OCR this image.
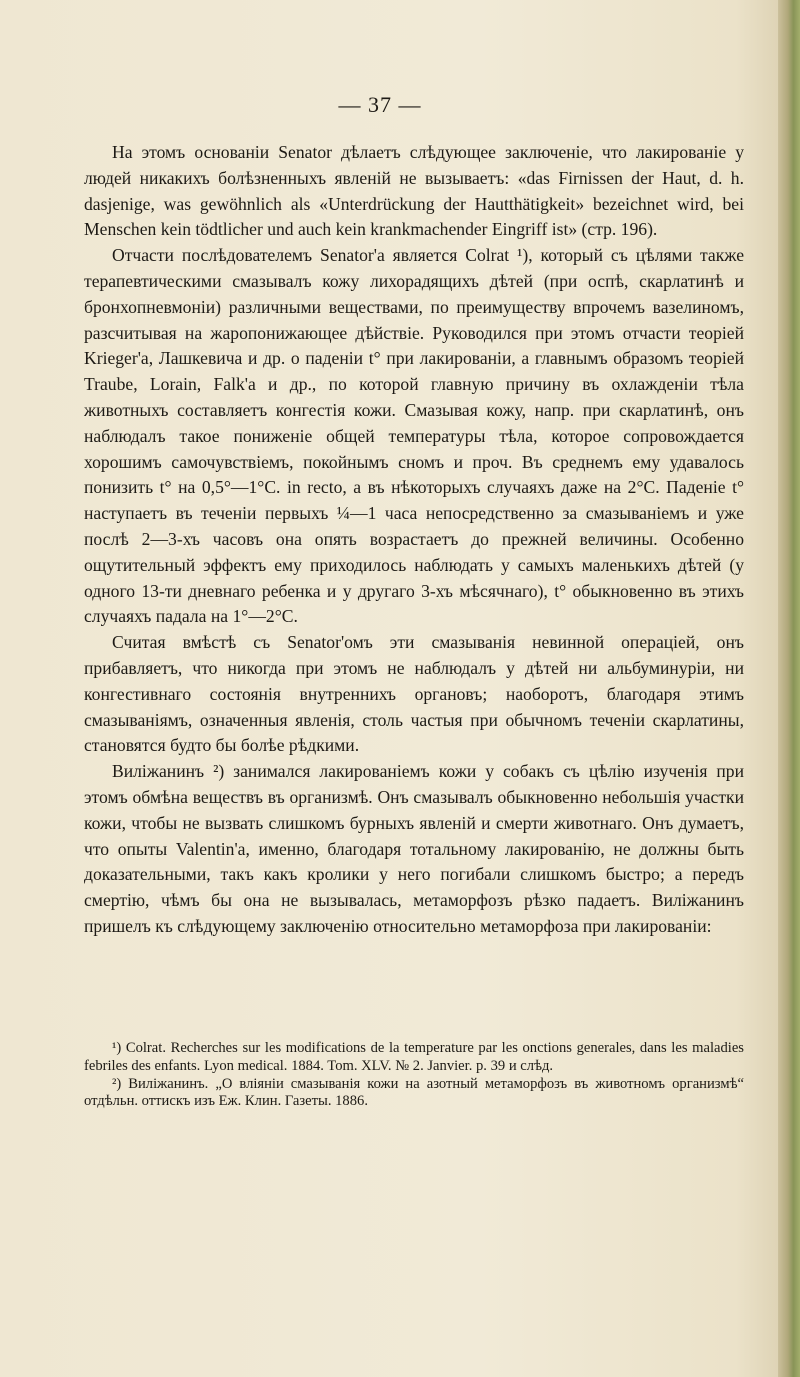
— 37 —

На этомъ основаніи Senator дѣлаетъ слѣдующее заключеніе, что лакированіе у людей никакихъ болѣзненныхъ явленій не вызываетъ: «das Firnissen der Haut, d. h. dasjenige, was gewöhnlich als «Unterdrückung der Hautthätigkeit» bezeichnet wird, bei Menschen kein tödtlicher und auch kein krankmachender Eingriff ist» (стр. 196).

Отчасти послѣдователемъ Senator'а является Colrat ¹), который съ цѣлями также терапевтическими смазывалъ кожу лихорадящихъ дѣтей (при оспѣ, скарлатинѣ и бронхопневмоніи) различными веществами, по преимуществу впрочемъ вазелиномъ, разсчитывая на жаропонижающее дѣйствіе. Руководился при этомъ отчасти теоріей Krieger'а, Лашкевича и др. о паденіи t° при лакированіи, а главнымъ образомъ теоріей Traube, Lorain, Falk'а и др., по которой главную причину въ охлажденіи тѣла животныхъ составляетъ конгестія кожи. Смазывая кожу, напр. при скарлатинѣ, онъ наблюдалъ такое пониженіе общей температуры тѣла, которое сопровождается хорошимъ самочувствіемъ, покойнымъ сномъ и проч. Въ среднемъ ему удавалось понизить t° на 0,5°—1°С. in recto, а въ нѣкоторыхъ случаяхъ даже на 2°С. Паденіе t° наступаетъ въ теченіи первыхъ ¼—1 часа непосредственно за смазываніемъ и уже послѣ 2—3-хъ часовъ она опять возрастаетъ до прежней величины. Особенно ощутительный эффектъ ему приходилось наблюдать у самыхъ маленькихъ дѣтей (у одного 13-ти дневнаго ребенка и у другаго 3-хъ мѣсячнаго), t° обыкновенно въ этихъ случаяхъ падала на 1°—2°С.

Считая вмѣстѣ съ Senator'омъ эти смазыванія невинной операціей, онъ прибавляетъ, что никогда при этомъ не наблюдалъ у дѣтей ни альбуминуріи, ни конгестивнаго состоянія внутреннихъ органовъ; наоборотъ, благодаря этимъ смазываніямъ, означенныя явленія, столь частыя при обычномъ теченіи скарлатины, становятся будто бы болѣе рѣдкими.

Виліжанинъ ²) занимался лакированіемъ кожи у собакъ съ цѣлію изученія при этомъ обмѣна веществъ въ организмѣ. Онъ смазывалъ обыкновенно небольшія участки кожи, чтобы не вызвать слишкомъ бурныхъ явленій и смерти животнаго. Онъ думаетъ, что опыты Valentin'а, именно, благодаря тотальному лакированію, не должны быть доказательными, такъ какъ кролики у него погибали слишкомъ быстро; а передъ смертію, чѣмъ бы она не вызывалась, метаморфозъ рѣзко падаетъ. Виліжанинъ пришелъ къ слѣдующему заключенію относительно метаморфоза при лакированіи:

¹) Colrat. Recherches sur les modifications de la temperature par les onctions generales, dans les maladies febriles des enfants. Lyon medical. 1884. Tom. XLV. № 2. Janvier. p. 39 и слѣд.

²) Виліжанинъ. „О вліяніи смазыванія кожи на азотный метаморфозъ въ животномъ организмѣ“ отдѣльн. оттискъ изъ Еж. Клин. Газеты. 1886.
